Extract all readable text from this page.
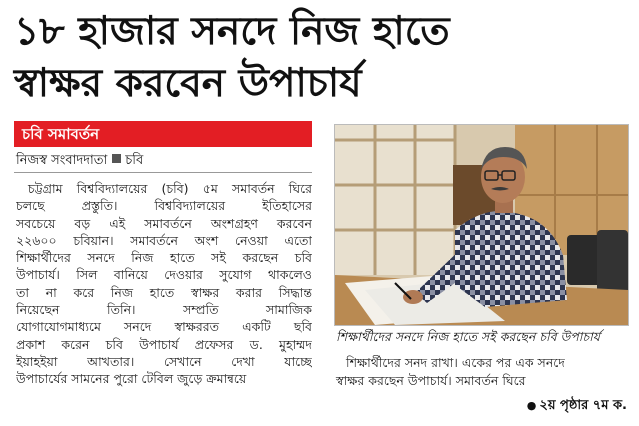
১৮ হাজার সনদে নিজ হাতে
স্বাক্ষর করবেন উপাচার্য
চবি সমাবর্তন
নিজস্ব সংবাদদাতা চবি
চট্টগ্রাম বিশ্ববিদ্যালয়ের (চবি) ৫ম সমাবর্তন ঘিরে
চলছে প্রস্তুতি। বিশ্ববিদ্যালয়ের ইতিহাসের
সবচেয়ে বড় এই সমাবর্তনে অংশগ্রহণ করবেন
২২৬০০ চবিয়ান। সমাবর্তনে অংশ নেওয়া এতো
শিক্ষার্থীদের সনদে নিজ হাতে সই করছেন চবি
উপাচার্য। সিল বানিয়ে দেওয়ার সুযোগ থাকলেও
তা না করে নিজ হাতে স্বাক্ষর করার সিদ্ধান্ত
নিয়েছেন তিনি। সম্প্রতি সামাজিক
যোগাযোগমাধ্যমে সনদে স্বাক্ষররত একটি ছবি
প্রকাশ করেন চবি উপাচার্য প্রফেসর ড. মুহাম্মদ
ইয়াহইয়া আখতার। সেখানে দেখা যাচ্ছে
উপাচার্যের সামনের পুরো টেবিল জুড়ে ক্রমান্বয়ে
শিক্ষার্থীদের সনদে নিজ হাতে সই করছেন চবি উপাচার্য
শিক্ষার্থীদের সনদ রাখা। একের পর এক সনদে
স্বাক্ষর করছেন উপাচার্য। সমাবর্তন ঘিরে
● ২য় পৃষ্ঠার ৭ম ক.
